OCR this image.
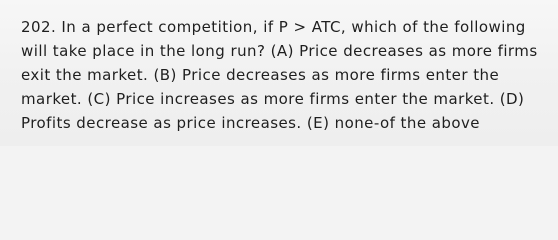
202. In a perfect competition, if P > ATC, which of the following
will take place in the long run? (A) Price decreases as more firms
exit the market. (B) Price decreases as more firms enter the
market. (C) Price increases as more firms enter the market. (D)
Profits decrease as price increases. (E) none-of the above
